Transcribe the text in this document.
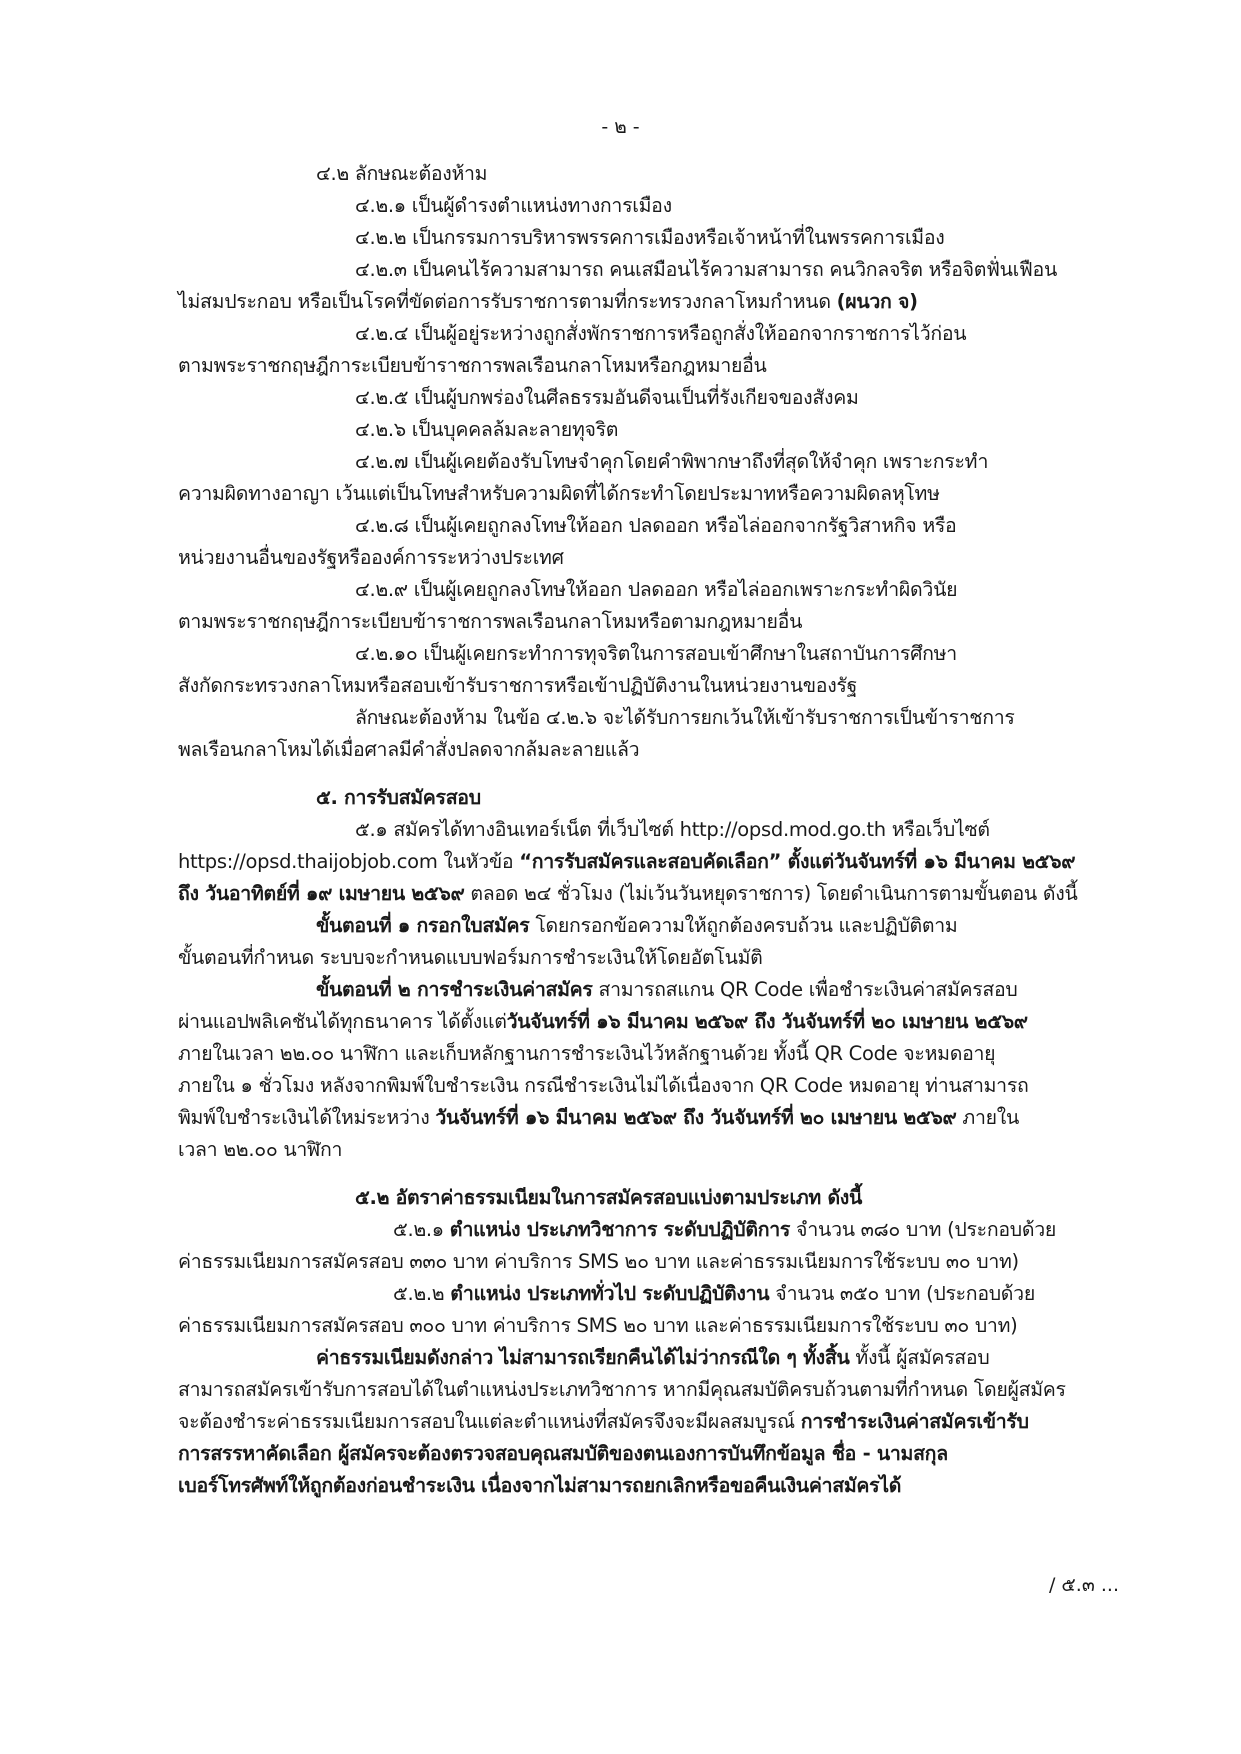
- ๒ -
๔.๒ ลักษณะต้องห้าม
๔.๒.๑ เป็นผู้ดำรงตำแหน่งทางการเมือง
๔.๒.๒ เป็นกรรมการบริหารพรรคการเมืองหรือเจ้าหน้าที่ในพรรคการเมือง
๔.๒.๓ เป็นคนไร้ความสามารถ คนเสมือนไร้ความสามารถ คนวิกลจริต หรือจิตฟั่นเฟือน
ไม่สมประกอบ หรือเป็นโรคที่ขัดต่อการรับราชการตามที่กระทรวงกลาโหมกำหนด (ผนวก จ)
๔.๒.๔ เป็นผู้อยู่ระหว่างถูกสั่งพักราชการหรือถูกสั่งให้ออกจากราชการไว้ก่อน
ตามพระราชกฤษฎีการะเบียบข้าราชการพลเรือนกลาโหมหรือกฎหมายอื่น
๔.๒.๕ เป็นผู้บกพร่องในศีลธรรมอันดีจนเป็นที่รังเกียจของสังคม
๔.๒.๖ เป็นบุคคลล้มละลายทุจริต
๔.๒.๗ เป็นผู้เคยต้องรับโทษจำคุกโดยคำพิพากษาถึงที่สุดให้จำคุก เพราะกระทำ
ความผิดทางอาญา เว้นแต่เป็นโทษสำหรับความผิดที่ได้กระทำโดยประมาทหรือความผิดลหุโทษ
๔.๒.๘ เป็นผู้เคยถูกลงโทษให้ออก ปลดออก หรือไล่ออกจากรัฐวิสาหกิจ หรือ
หน่วยงานอื่นของรัฐหรือองค์การระหว่างประเทศ
๔.๒.๙ เป็นผู้เคยถูกลงโทษให้ออก ปลดออก หรือไล่ออกเพราะกระทำผิดวินัย
ตามพระราชกฤษฎีการะเบียบข้าราชการพลเรือนกลาโหมหรือตามกฎหมายอื่น
๔.๒.๑๐ เป็นผู้เคยกระทำการทุจริตในการสอบเข้าศึกษาในสถาบันการศึกษา
สังกัดกระทรวงกลาโหมหรือสอบเข้ารับราชการหรือเข้าปฏิบัติงานในหน่วยงานของรัฐ
ลักษณะต้องห้าม ในข้อ ๔.๒.๖ จะได้รับการยกเว้นให้เข้ารับราชการเป็นข้าราชการ
พลเรือนกลาโหมได้เมื่อศาลมีคำสั่งปลดจากล้มละลายแล้ว
๕. การรับสมัครสอบ
๕.๑ สมัครได้ทางอินเทอร์เน็ต ที่เว็บไซต์ http://opsd.mod.go.th หรือเว็บไซต์
https://opsd.thaijobjob.com ในหัวข้อ “การรับสมัครและสอบคัดเลือก” ตั้งแต่วันจันทร์ที่ ๑๖ มีนาคม ๒๕๖๙
ถึง วันอาทิตย์ที่ ๑๙ เมษายน ๒๕๖๙ ตลอด ๒๔ ชั่วโมง (ไม่เว้นวันหยุดราชการ) โดยดำเนินการตามขั้นตอน ดังนี้
ขั้นตอนที่ ๑ กรอกใบสมัคร โดยกรอกข้อความให้ถูกต้องครบถ้วน และปฏิบัติตาม
ขั้นตอนที่กำหนด ระบบจะกำหนดแบบฟอร์มการชำระเงินให้โดยอัตโนมัติ
ขั้นตอนที่ ๒ การชำระเงินค่าสมัคร สามารถสแกน QR Code เพื่อชำระเงินค่าสมัครสอบ
ผ่านแอปพลิเคชันได้ทุกธนาคาร ได้ตั้งแต่วันจันทร์ที่ ๑๖ มีนาคม ๒๕๖๙ ถึง วันจันทร์ที่ ๒๐ เมษายน ๒๕๖๙
ภายในเวลา ๒๒.๐๐ นาฬิกา และเก็บหลักฐานการชำระเงินไว้หลักฐานด้วย ทั้งนี้ QR Code จะหมดอายุ
ภายใน ๑ ชั่วโมง หลังจากพิมพ์ใบชำระเงิน กรณีชำระเงินไม่ได้เนื่องจาก QR Code หมดอายุ ท่านสามารถ
พิมพ์ใบชำระเงินได้ใหม่ระหว่าง วันจันทร์ที่ ๑๖ มีนาคม ๒๕๖๙ ถึง วันจันทร์ที่ ๒๐ เมษายน ๒๕๖๙ ภายใน
เวลา ๒๒.๐๐ นาฬิกา
๕.๒ อัตราค่าธรรมเนียมในการสมัครสอบแบ่งตามประเภท ดังนี้
๕.๒.๑ ตำแหน่ง ประเภทวิชาการ ระดับปฏิบัติการ จำนวน ๓๘๐ บาท (ประกอบด้วย
ค่าธรรมเนียมการสมัครสอบ ๓๓๐ บาท ค่าบริการ SMS ๒๐ บาท และค่าธรรมเนียมการใช้ระบบ ๓๐ บาท)
๕.๒.๒ ตำแหน่ง ประเภททั่วไป ระดับปฏิบัติงาน จำนวน ๓๕๐ บาท (ประกอบด้วย
ค่าธรรมเนียมการสมัครสอบ ๓๐๐ บาท ค่าบริการ SMS ๒๐ บาท และค่าธรรมเนียมการใช้ระบบ ๓๐ บาท)
ค่าธรรมเนียมดังกล่าว ไม่สามารถเรียกคืนได้ไม่ว่ากรณีใด ๆ ทั้งสิ้น ทั้งนี้ ผู้สมัครสอบ
สามารถสมัครเข้ารับการสอบได้ในตำแหน่งประเภทวิชาการ หากมีคุณสมบัติครบถ้วนตามที่กำหนด โดยผู้สมัคร
จะต้องชำระค่าธรรมเนียมการสอบในแต่ละตำแหน่งที่สมัครจึงจะมีผลสมบูรณ์ การชำระเงินค่าสมัครเข้ารับ
การสรรหาคัดเลือก ผู้สมัครจะต้องตรวจสอบคุณสมบัติของตนเองการบันทึกข้อมูล ชื่อ - นามสกุล
เบอร์โทรศัพท์ให้ถูกต้องก่อนชำระเงิน เนื่องจากไม่สามารถยกเลิกหรือขอคืนเงินค่าสมัครได้
/ ๕.๓ ...
